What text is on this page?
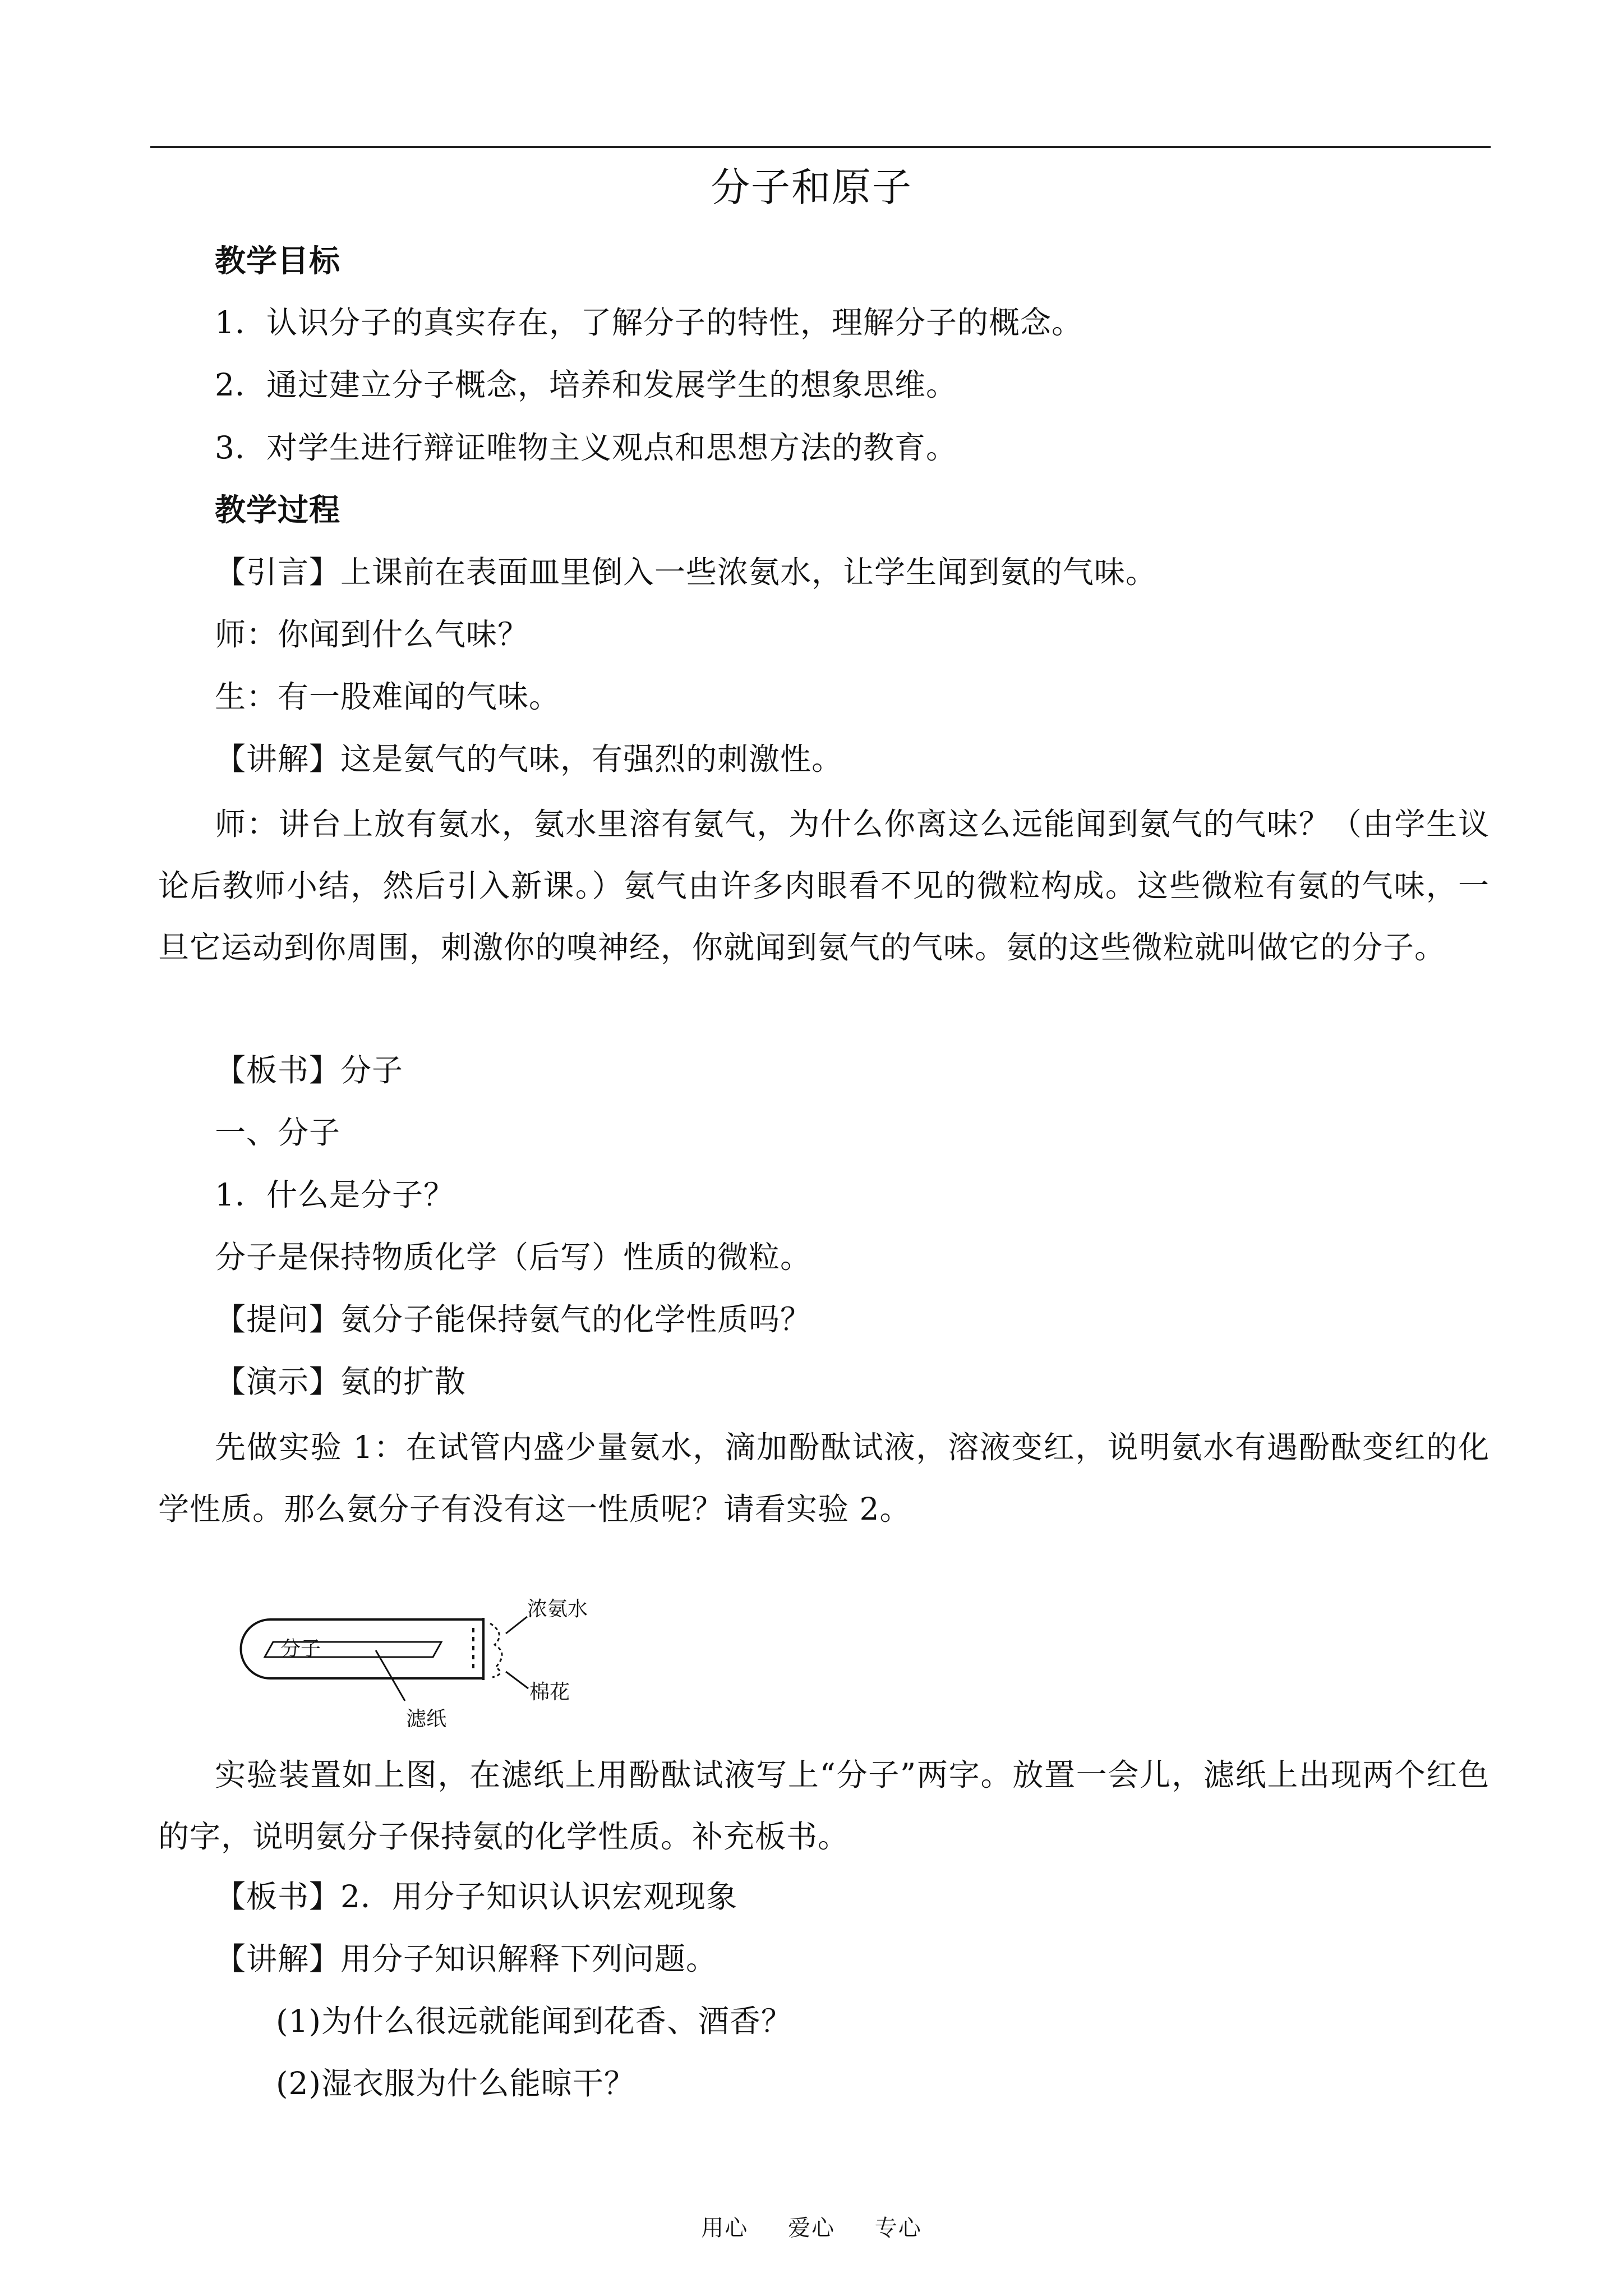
分子和原子
教学目标
1．认识分子的真实存在，了解分子的特性，理解分子的概念。
2．通过建立分子概念，培养和发展学生的想象思维。
3．对学生进行辩证唯物主义观点和思想方法的教育。
教学过程
【引言】上课前在表面皿里倒入一些浓氨水，让学生闻到氨的气味。
师：你闻到什么气味？
生：有一股难闻的气味。
【讲解】这是氨气的气味，有强烈的刺激性。
师：讲台上放有氨水，氨水里溶有氨气，为什么你离这么远能闻到氨气的气味？（由学生议论后教师小结，然后引入新课。）氨气由许多肉眼看不见的微粒构成。这些微粒有氨的气味，一旦它运动到你周围，刺激你的嗅神经，你就闻到氨气的气味。氨的这些微粒就叫做它的分子。
【板书】分子
一、分子
1．什么是分子？
分子是保持物质化学（后写）性质的微粒。
【提问】氨分子能保持氨气的化学性质吗？
【演示】氨的扩散
先做实验 1：在试管内盛少量氨水，滴加酚酞试液，溶液变红，说明氨水有遇酚酞变红的化学性质。那么氨分子有没有这一性质呢？请看实验 2。
分子
浓氨水
棉花
滤纸
实验装置如上图，在滤纸上用酚酞试液写上“分子”两字。放置一会儿，滤纸上出现两个红色的字，说明氨分子保持氨的化学性质。补充板书。
【板书】2．用分子知识认识宏观现象
【讲解】用分子知识解释下列问题。
(1)为什么很远就能闻到花香、酒香？
(2)湿衣服为什么能晾干？
用心 爱心 专心
